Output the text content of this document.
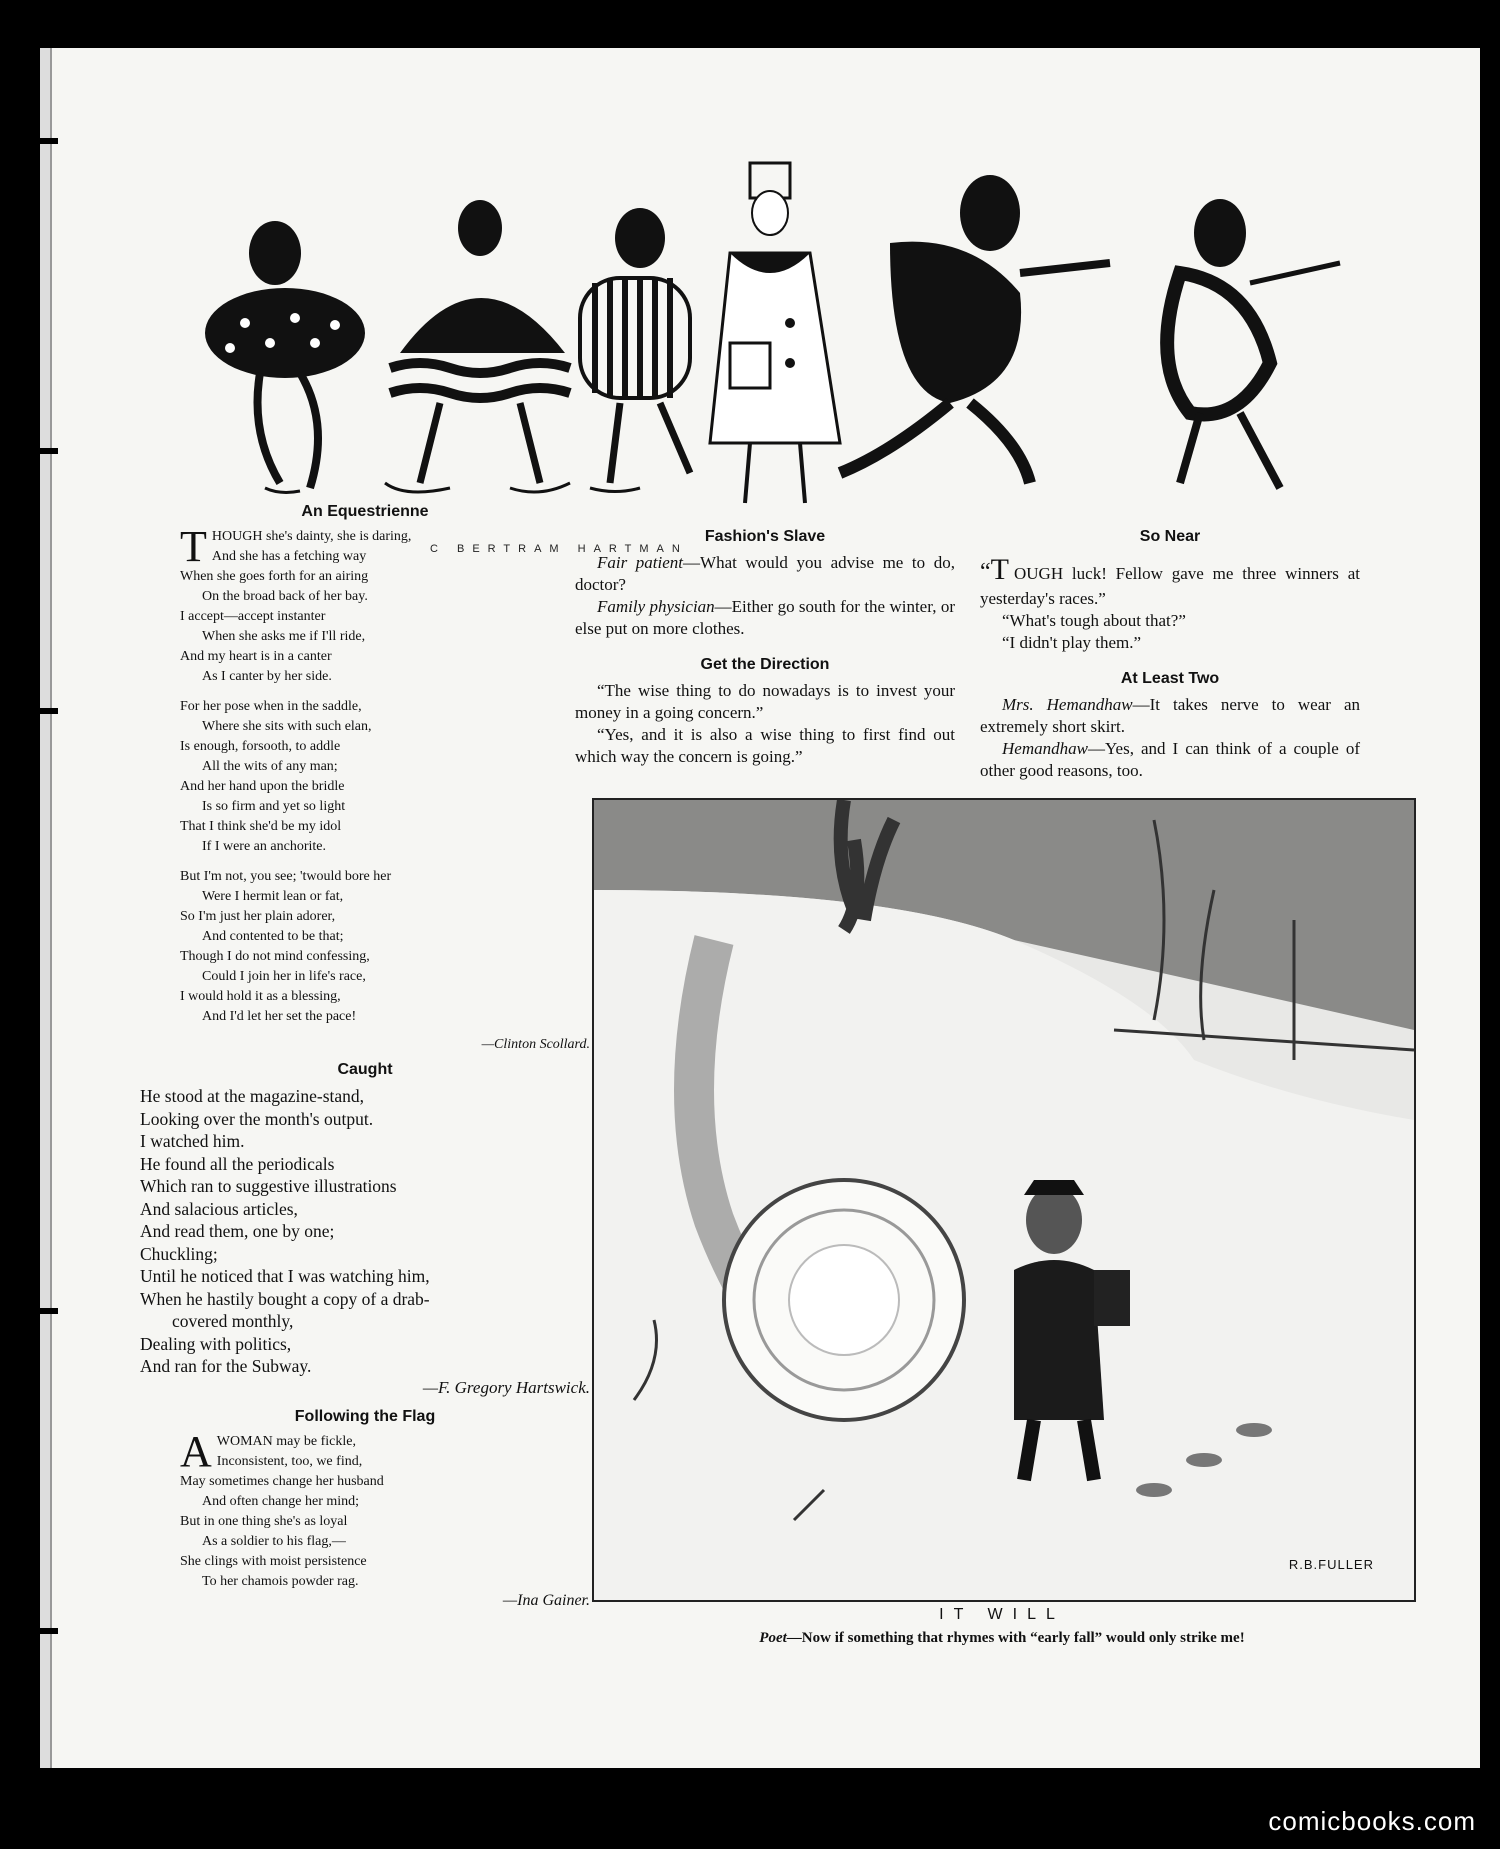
C BERTRAM HARTMAN
An Equestrienne

THOUGH she's dainty, she is daring,

And she has a fetching way

When she goes forth for an airing

On the broad back of her bay.

I accept—accept instanter

When she asks me if I'll ride,

And my heart is in a canter

As I canter by her side.

For her pose when in the saddle,

Where she sits with such elan,

Is enough, forsooth, to addle

All the wits of any man;

And her hand upon the bridle

Is so firm and yet so light

That I think she'd be my idol

If I were an anchorite.

But I'm not, you see; 'twould bore her

Were I hermit lean or fat,

So I'm just her plain adorer,

And contented to be that;

Though I do not mind confessing,

Could I join her in life's race,

I would hold it as a blessing,

And I'd let her set the pace!

—Clinton Scollard.
Caught

He stood at the magazine-stand,

Looking over the month's output.

I watched him.

He found all the periodicals

Which ran to suggestive illustrations

And salacious articles,

And read them, one by one;

Chuckling;

Until he noticed that I was watching him,

When he hastily bought a copy of a drab-

covered monthly,

Dealing with politics,

And ran for the Subway.

—F. Gregory Hartswick.
Following the Flag

AWOMAN may be fickle,

Inconsistent, too, we find,

May sometimes change her husband

And often change her mind;

But in one thing she's as loyal

As a soldier to his flag,—

She clings with moist persistence

To her chamois powder rag.

—Ina Gainer.
Fashion's Slave

Fair patient—What would you advise me to do, doctor?

Family physician—Either go south for the winter, or else put on more clothes.

Get the Direction

“The wise thing to do nowadays is to invest your money in a going concern.”

“Yes, and it is also a wise thing to first find out which way the concern is going.”

So Near

“T OUGH luck! Fellow gave me three winners at yesterday's races.”

“What's tough about that?”

“I didn't play them.”

At Least Two

Mrs. Hemandhaw—It takes nerve to wear an extremely short skirt.

Hemandhaw—Yes, and I can think of a couple of other good reasons, too.

R.B.FULLER
IT WILL
Poet—Now if something that rhymes with “early fall” would only strike me!
comicbooks.com
